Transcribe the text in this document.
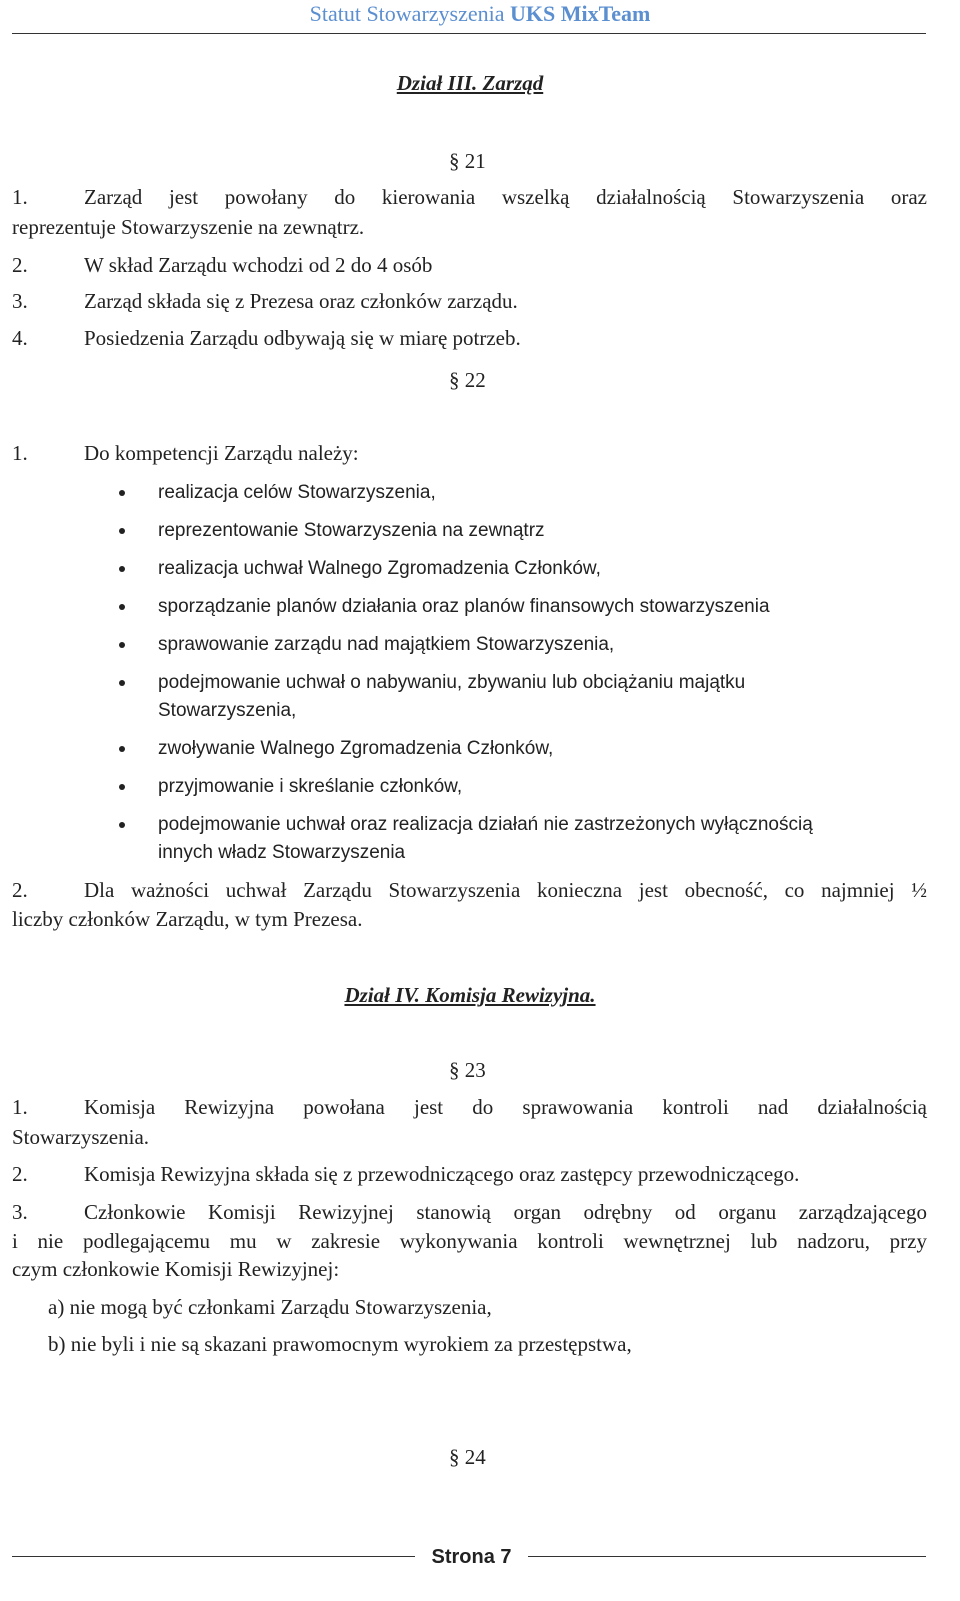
Statut Stowarzyszenia UKS MixTeam
Dział III. Zarząd
§ 21
1.	Zarząd jest powołany do kierowania wszelką działalnością Stowarzyszenia oraz
reprezentuje Stowarzyszenie na zewnątrz.
2.	W skład Zarządu wchodzi od 2 do 4 osób
3.	Zarząd składa się z Prezesa oraz członków zarządu.
4.	Posiedzenia Zarządu odbywają się w miarę potrzeb.
§ 22
1.	Do kompetencji Zarządu należy:
realizacja celów Stowarzyszenia,
reprezentowanie Stowarzyszenia na zewnątrz
realizacja uchwał Walnego Zgromadzenia Członków,
sporządzanie planów działania oraz planów finansowych stowarzyszenia
sprawowanie zarządu nad majątkiem Stowarzyszenia,
podejmowanie uchwał o nabywaniu, zbywaniu lub obciążaniu majątku
Stowarzyszenia,
zwoływanie Walnego Zgromadzenia Członków,
przyjmowanie i skreślanie członków,
podejmowanie uchwał oraz realizacja działań nie zastrzeżonych wyłącznością
innych władz Stowarzyszenia
2.	Dla ważności uchwał Zarządu Stowarzyszenia konieczna jest obecność, co najmniej ½
liczby członków Zarządu, w tym Prezesa.
Dział IV. Komisja Rewizyjna.
§ 23
1.	Komisja Rewizyjna powołana jest do sprawowania kontroli nad działalnością
Stowarzyszenia.
2.	Komisja Rewizyjna składa się z przewodniczącego oraz zastępcy przewodniczącego.
3.	Członkowie Komisji Rewizyjnej stanowią organ odrębny od organu zarządzającego
i nie podlegającemu mu w zakresie wykonywania kontroli wewnętrznej lub nadzoru, przy
czym członkowie Komisji Rewizyjnej:
a) nie mogą być członkami Zarządu Stowarzyszenia,
b) nie byli i nie są skazani prawomocnym wyrokiem za przestępstwa,
§ 24
Strona 7
